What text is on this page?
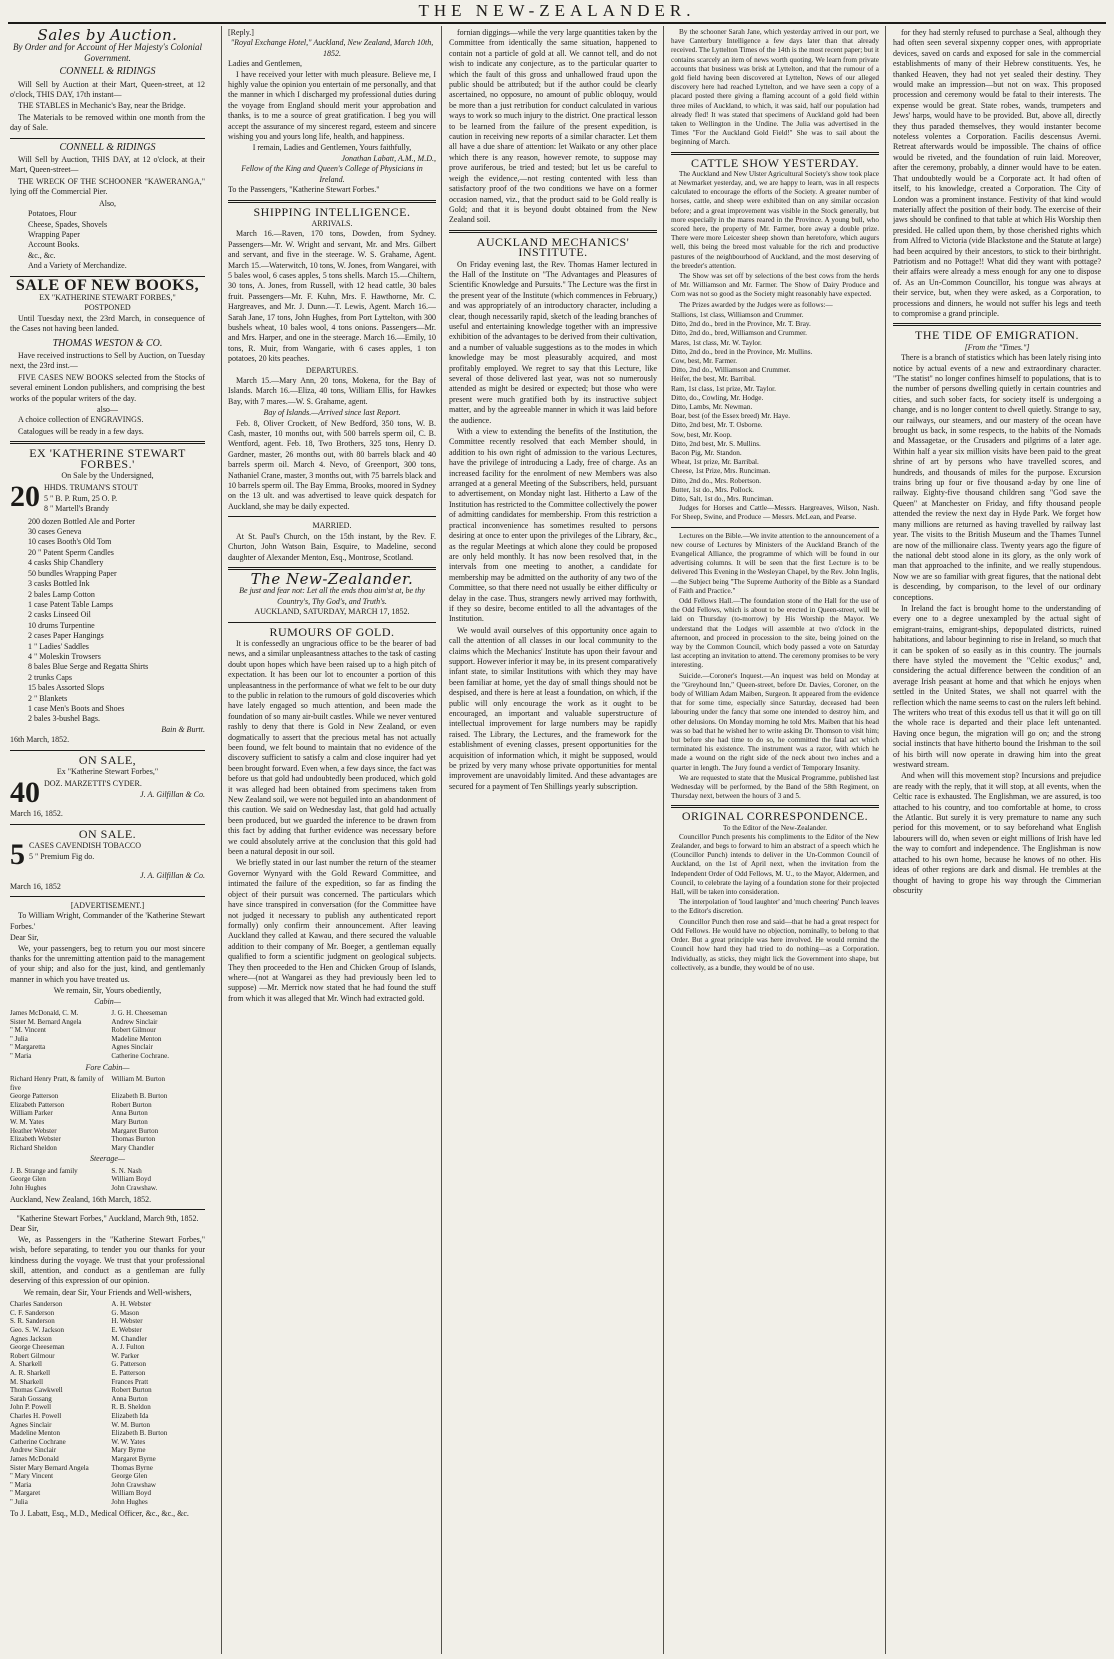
THE NEW-ZEALANDER.
Sales by Auction.
By Order and for Account of Her Majesty's Colonial Government.
CONNELL & RIDINGS

Will Sell by Auction at their Mart, Queen-street, at 12 o'clock, THIS DAY, 17th instant—

THE STABLES in Mechanic's Bay, near the Bridge.

The Materials to be removed within one month from the day of Sale.

CONNELL & RIDINGS

Will Sell by Auction, THIS DAY, at 12 o'clock, at their Mart, Queen-street—

THE WRECK OF THE SCHOONER "KAWERANGA," lying off the Commercial Pier.

Also,
Potatoes, Flour
Cheese, Spades, Shovels
Wrapping Paper
Account Books.
&c., &c.
And a Variety of Merchandize.
SALE OF NEW BOOKS,
EX "KATHERINE STEWART FORBES,"
POSTPONED

Until Tuesday next, the 23rd March, in consequence of the Cases not having been landed.

THOMAS WESTON & CO.

Have received instructions to Sell by Auction, on Tuesday next, the 23rd inst.—

FIVE CASES NEW BOOKS selected from the Stocks of several eminent London publishers, and comprising the best works of the popular writers of the day.

also—

A choice collection of ENGRAVINGS.

Catalogues will be ready in a few days.

EX 'KATHERINE STEWART FORBES.'
On Sale by the Undersigned,
20 HHDS. TRUMAN'S STOUT
5 " B. P. Rum, 25 O. P.
8 " Martell's Brandy
200 dozen Bottled Ale and Porter
30 cases Geneva
10 cases Booth's Old Tom
20 " Patent Sperm Candles
4 casks Ship Chandlery
50 bundles Wrapping Paper
3 casks Bottled Ink
2 bales Lamp Cotton
1 case Patent Table Lamps
2 casks Linseed Oil
10 drums Turpentine
2 cases Paper Hangings
1 " Ladies' Saddles
4 " Moleskin Trowsers
8 bales Blue Serge and Regatta Shirts
2 trunks Caps
15 bales Assorted Slops
2 " Blankets
1 case Men's Boots and Shoes
2 bales 3-bushel Bags.
Bain & Burtt.
16th March, 1852.
ON SALE,
Ex "Katherine Stewart Forbes,"
40 DOZ. MARZETTI'S CYDER.
J. A. Gilfillan & Co.
March 16, 1852.
ON SALE.
5 CASES CAVENDISH TOBACCO
5 " Premium Fig do.
J. A. Gilfillan & Co.
March 16, 1852
[ADVERTISEMENT.]

To William Wright, Commander of the 'Katherine Stewart Forbes.'

Dear Sir,

We, your passengers, beg to return you our most sincere thanks for the unremitting attention paid to the management of your ship; and also for the just, kind, and gentlemanly manner in which you have treated us.

We remain, Sir, Yours obediently,
Cabin—
James McDonald, C. M.	J. G. H. Cheeseman
Sister M. Bernard Angela	Andrew Sinclair
" M. Vincent	Robert Gilmour
" Julia	Madeline Menton
" Margaretta	Agnes Sinclair
" Maria	Catherine Cochrane.
Fore Cabin—
Richard Henry Pratt, & family of five
William M. Burton
George Patterson	Elizabeth B. Burton
Elizabeth Patterson	Robert Burton
William Parker	Anna Burton
W. M. Yates	Mary Burton
Heather Webster	Margaret Burton
Elizabeth Webster	Thomas Burton
Richard Sheldon	Mary Chandler
Steerage—
J. B. Strange and family	S. N. Nash
George Glen	William Boyd
John Hughes	John Crawshaw.
Auckland, New Zealand, 16th March, 1852.
"Katherine Stewart Forbes," Auckland, March 9th, 1852.
Dear Sir,

We, as Passengers in the "Katherine Stewart Forbes," wish, before separating, to tender you our thanks for your kindness during the voyage. We trust that your professional skill, attention, and conduct as a gentleman are fully deserving of this expression of our opinion.

We remain, dear Sir, Your Friends and Well-wishers,
Charles Sanderson	A. H. Webster
C. F. Sanderson	G. Mason
S. R. Sanderson	H. Webster
Geo. S. W. Jackson	E. Webster
Agnes Jackson	M. Chandler
George Cheeseman	A. J. Fulton
Robert Gilmour	W. Parker
A. Sharkell	G. Patterson
A. R. Sharkell	E. Patterson
M. Sharkell	Frances Pratt
Thomas Cawkwell	Robert Burton
Sarah Gossang	Anna Burton
John P. Powell	R. B. Sheldon
Charles H. Powell	Elizabeth Ida
Agnes Sinclair	W. M. Burton
Madeline Menton	Elizabeth B. Burton
Catherine Cochrane	W. W. Yates
Andrew Sinclair	Mary Byrne
James McDonald	Margaret Byrne
Sister Mary Bernard Angela	Thomas Byrne
" Mary Vincent	George Glen
" Maria	John Crawshaw
" Margaret	William Boyd
" Julia	John Hughes
To J. Labatt, Esq., M.D., Medical Officer, &c., &c., &c.
[Reply.]
"Royal Exchange Hotel," Auckland, New Zealand, March 10th, 1852.
Ladies and Gentlemen,

I have received your letter with much pleasure. Believe me, I highly value the opinion you entertain of me personally, and that the manner in which I discharged my professional duties during the voyage from England should merit your approbation and thanks, is to me a source of great gratification. I beg you will accept the assurance of my sincerest regard, esteem and sincere wishing you and yours long life, health, and happiness.

I remain, Ladies and Gentlemen, Yours faithfully,
Jonathan Labatt, A.M., M.D.,
Fellow of the King and Queen's College of Physicians in Ireland.
To the Passengers, "Katherine Stewart Forbes."
SHIPPING INTELLIGENCE.
ARRIVALS.

March 16.—Raven, 170 tons, Dowden, from Sydney. Passengers—Mr. W. Wright and servant, Mr. and Mrs. Gilbert and servant, and five in the steerage. W. S. Grahame, Agent. March 15.—Waterwitch, 10 tons, W. Jones, from Wangarei, with 5 bales wool, 6 cases apples, 5 tons shells. March 15.—Chiltern, 30 tons, A. Jones, from Russell, with 12 head cattle, 30 bales fruit. Passengers—Mr. F. Kuhn, Mrs. F. Hawthorne, Mr. C. Hargreaves, and Mr. J. Dunn.—T. Lewis, Agent. March 16.—Sarah Jane, 17 tons, John Hughes, from Port Lyttelton, with 300 bushels wheat, 10 bales wool, 4 tons onions. Passengers—Mr. and Mrs. Harper, and one in the steerage. March 16.—Emily, 10 tons, R. Muir, from Wangarie, with 6 cases apples, 1 ton potatoes, 20 kits peaches.

DEPARTURES.

March 15.—Mary Ann, 20 tons, Mokena, for the Bay of Islands. March 16.—Eliza, 40 tons, William Ellis, for Hawkes Bay, with 7 mares.—W. S. Grahame, agent.

Bay of Islands.—Arrived since last Report.

Feb. 8, Oliver Crockett, of New Bedford, 350 tons, W. B. Cash, master, 10 months out, with 500 barrels sperm oil, C. B. Wentford, agent. Feb. 18, Two Brothers, 325 tons, Henry D. Gardner, master, 26 months out, with 80 barrels black and 40 barrels sperm oil. March 4. Nevo, of Greenport, 300 tons, Nathaniel Crane, master, 3 months out, with 75 barrels black and 10 barrels sperm oil. The Bay Emma, Brooks, moored in Sydney on the 13 ult. and was advertised to leave quick despatch for Auckland, she may be daily expected.

MARRIED.

At St. Paul's Church, on the 15th instant, by the Rev. F. Churton, John Watson Bain, Esquire, to Madeline, second daughter of Alexander Menton, Esq., Montrose, Scotland.

The New-Zealander.
Be just and fear not: Let all the ends thou aim'st at, be thy Country's, Thy God's, and Truth's.
AUCKLAND, SATURDAY, MARCH 17, 1852.
RUMOURS OF GOLD.

It is confessedly an ungracious office to be the bearer of bad news, and a similar unpleasantness attaches to the task of casting doubt upon hopes which have been raised up to a high pitch of expectation. It has been our lot to encounter a portion of this unpleasantness in the performance of what we felt to be our duty to the public in relation to the rumours of gold discoveries which have lately engaged so much attention, and been made the foundation of so many air-built castles. While we never ventured rashly to deny that there is Gold in New Zealand, or even dogmatically to assert that the precious metal has not actually been found, we felt bound to maintain that no evidence of the discovery sufficient to satisfy a calm and close inquirer had yet been brought forward. Even when, a few days since, the fact was before us that gold had undoubtedly been produced, which gold it was alleged had been obtained from specimens taken from New Zealand soil, we were not beguiled into an abandonment of this caution. We said on Wednesday last, that gold had actually been produced, but we guarded the inference to be drawn from this fact by adding that further evidence was necessary before we could absolutely arrive at the conclusion that this gold had been a natural deposit in our soil.

We briefly stated in our last number the return of the steamer Governor Wynyard with the Gold Reward Committee, and intimated the failure of the expedition, so far as finding the object of their pursuit was concerned. The particulars which have since transpired in conversation (for the Committee have not judged it necessary to publish any authenticated report formally) only confirm their announcement. After leaving Auckland they called at Kawau, and there secured the valuable addition to their company of Mr. Boeger, a gentleman equally qualified to form a scientific judgment on geological subjects. They then proceeded to the Hen and Chicken Group of Islands, where—(not at Wangarei as they had previously been led to suppose) —Mr. Merrick now stated that he had found the stuff from which it was alleged that Mr. Winch had extracted gold.

fornian diggings—while the very large quantities taken by the Committee from identically the same situation, happened to contain not a particle of gold at all. We cannot tell, and do not wish to indicate any conjecture, as to the particular quarter to which the fault of this gross and unhallowed fraud upon the public should be attributed; but if the author could be clearly ascertained, no opposure, no amount of public obloquy, would be more than a just retribution for conduct calculated in various ways to work so much injury to the district. One practical lesson to be learned from the failure of the present expedition, is caution in receiving new reports of a similar character. Let them all have a due share of attention: let Waikato or any other place which there is any reason, however remote, to suppose may prove auriferous, be tried and tested; but let us be careful to weigh the evidence,—not resting contented with less than satisfactory proof of the two conditions we have on a former occasion named, viz., that the product said to be Gold really is Gold; and that it is beyond doubt obtained from the New Zealand soil.

AUCKLAND MECHANICS' INSTITUTE.

On Friday evening last, the Rev. Thomas Hamer lectured in the Hall of the Institute on "The Advantages and Pleasures of Scientific Knowledge and Pursuits." The Lecture was the first in the present year of the Institute (which commences in February,) and was appropriately of an introductory character, including a clear, though necessarily rapid, sketch of the leading branches of useful and entertaining knowledge together with an impressive exhibition of the advantages to be derived from their cultivation, and a number of valuable suggestions as to the modes in which knowledge may be most pleasurably acquired, and most profitably employed. We regret to say that this Lecture, like several of those delivered last year, was not so numerously attended as might be desired or expected; but those who were present were much gratified both by its instructive subject matter, and by the agreeable manner in which it was laid before the audience.

With a view to extending the benefits of the Institution, the Committee recently resolved that each Member should, in addition to his own right of admission to the various Lectures, have the privilege of introducing a Lady, free of charge. As an increased facility for the enrolment of new Members was also arranged at a general Meeting of the Subscribers, held, pursuant to advertisement, on Monday night last. Hitherto a Law of the Institution has restricted to the Committee collectively the power of admitting candidates for membership. From this restriction a practical inconvenience has sometimes resulted to persons desiring at once to enter upon the privileges of the Library, &c., as the regular Meetings at which alone they could be proposed are only held monthly. It has now been resolved that, in the intervals from one meeting to another, a candidate for membership may be admitted on the authority of any two of the Committee, so that there need not usually be either difficulty or delay in the case. Thus, strangers newly arrived may forthwith, if they so desire, become entitled to all the advantages of the Institution.

We would avail ourselves of this opportunity once again to call the attention of all classes in our local community to the claims which the Mechanics' Institute has upon their favour and support. However inferior it may be, in its present comparatively infant state, to similar Institutions with which they may have been familiar at home, yet the day of small things should not be despised, and there is here at least a foundation, on which, if the public will only encourage the work as it ought to be encouraged, an important and valuable superstructure of intellectual improvement for large numbers may be rapidly raised. The Library, the Lectures, and the framework for the establishment of evening classes, present opportunities for the acquisition of information which, it might be supposed, would be prized by very many whose private opportunities for mental improvement are unavoidably limited. And these advantages are secured for a payment of Ten Shillings yearly subscription.

By the schooner Sarah Jane, which yesterday arrived in our port, we have Canterbury Intelligence a few days later than that already received. The Lyttelton Times of the 14th is the most recent paper; but it contains scarcely an item of news worth quoting. We learn from private accounts that business was brisk at Lyttelton, and that the rumour of a gold field having been discovered at Lyttelton, News of our alleged discovery here had reached Lyttelton, and we have seen a copy of a placard posted there giving a flaming account of a gold field within three miles of Auckland, to which, it was said, half our population had already fled! It was stated that specimens of Auckland gold had been taken to Wellington in the Undine. The Julia was advertised in the Times "For the Auckland Gold Field!" She was to sail about the beginning of March.

CATTLE SHOW YESTERDAY.

The Auckland and New Ulster Agricultural Society's show took place at Newmarket yesterday, and, we are happy to learn, was in all respects calculated to encourage the efforts of the Society. A greater number of horses, cattle, and sheep were exhibited than on any similar occasion before; and a great improvement was visible in the Stock generally, but more especially in the mares reared in the Province. A young bull, who scored here, the property of Mr. Farmer, bore away a double prize. There were more Leicester sheep shown than heretofore, which augurs well, this being the breed most valuable for the rich and productive pastures of the neighbourhood of Auckland, and the most deserving of the breeder's attention.

The Show was set off by selections of the best cows from the herds of Mr. Williamson and Mr. Farmer. The Show of Dairy Produce and Corn was not so good as the Society might reasonably have expected.

The Prizes awarded by the Judges were as follows:—

Stallions, 1st class, Williamson and Crummer.
Ditto, 2nd do., bred in the Province, Mr. T. Bray.
Ditto, 2nd do., bred, Williamson and Crummer.
Mares, 1st class, Mr. W. Taylor.
Ditto, 2nd do., bred in the Province, Mr. Mullins.
Cow, best, Mr. Farmer.
Ditto, 2nd do., Williamson and Crummer.
Heifer, the best, Mr. Barribal.
Ram, 1st class, 1st prize, Mr. Taylor.
Ditto, do., Cowling, Mr. Hodge.
Ditto, Lambs, Mr. Newman.
Boar, best (of the Essex breed) Mr. Haye.
Ditto, 2nd best, Mr. T. Osborne.
Sow, best, Mr. Koop.
Ditto, 2nd best, Mr. S. Mullins.
Bacon Pig, Mr. Standon.
Wheat, 1st prize, Mr. Barribal.
Cheese, 1st Prize, Mrs. Runciman.
Ditto, 2nd do., Mrs. Robertson.
Butter, 1st do., Mrs. Pollock.
Ditto, Salt, 1st do., Mrs. Runciman.

Judges for Horses and Cattle—Messrs. Hargreaves, Wilson, Nash. For Sheep, Swine, and Produce — Messrs. McLean, and Pearse.

Lectures on the Bible.—We invite attention to the announcement of a new course of Lectures by Ministers of the Auckland Branch of the Evangelical Alliance, the programme of which will be found in our advertising columns. It will be seen that the first Lecture is to be delivered This Evening in the Wesleyan Chapel, by the Rev. John Inglis,—the Subject being "The Supreme Authority of the Bible as a Standard of Faith and Practice."

Odd Fellows Hall.—The foundation stone of the Hall for the use of the Odd Fellows, which is about to be erected in Queen-street, will be laid on Thursday (to-morrow) by His Worship the Mayor. We understand that the Lodges will assemble at two o'clock in the afternoon, and proceed in procession to the site, being joined on the way by the Common Council, which body passed a vote on Saturday last accepting an invitation to attend. The ceremony promises to be very interesting.

Suicide.—Coroner's Inquest.—An inquest was held on Monday at the "Greyhound Inn," Queen-street, before Dr. Davies, Coroner, on the body of William Adam Maiben, Surgeon. It appeared from the evidence that for some time, especially since Saturday, deceased had been labouring under the fancy that some one intended to destroy him, and other delusions. On Monday morning he told Mrs. Maiben that his head was so bad that he wished her to write asking Dr. Thomson to visit him; but before she had time to do so, he committed the fatal act which terminated his existence. The instrument was a razor, with which he made a wound on the right side of the neck about two inches and a quarter in length. The Jury found a verdict of Temporary Insanity.

We are requested to state that the Musical Programme, published last Wednesday will be performed, by the Band of the 58th Regiment, on Thursday next, between the hours of 3 and 5.

ORIGINAL CORRESPONDENCE.
To the Editor of the New-Zealander.

Councillor Punch presents his compliments to the Editor of the New Zealander, and begs to forward to him an abstract of a speech which he (Councillor Punch) intends to deliver in the Un-Common Council of Auckland, on the 1st of April next, when the invitation from the Independent Order of Odd Fellows, M. U., to the Mayor, Aldermen, and Council, to celebrate the laying of a foundation stone for their projected Hall, will be taken into consideration.

The interpolation of 'loud laughter' and 'much cheering' Punch leaves to the Editor's discretion.

Councillor Punch then rose and said—that he had a great respect for Odd Fellows. He would have no objection, nominally, to belong to that Order. But a great principle was here involved. He would remind the Council how hard they had tried to do nothing—as a Corporation. Individually, as sticks, they might lick the Government into shape, but collectively, as a bundle, they would be of no use.

for they had sternly refused to purchase a Seal, although they had often seen several sixpenny copper ones, with appropriate devices, saved on cards and exposed for sale in the commercial establishments of many of their Hebrew constituents. Yes, he thanked Heaven, they had not yet sealed their destiny. They would make an impression—but not on wax. This proposed procession and ceremony would be fatal to their interests. The expense would be great. State robes, wands, trumpeters and Jews' harps, would have to be provided. But, above all, directly they thus paraded themselves, they would instanter become noteless volentes a Corporation. Facilis descensus Averni. Retreat afterwards would be impossible. The chains of office would be riveted, and the foundation of ruin laid. Moreover, after the ceremony, probably, a dinner would have to be eaten. That undoubtedly would be a Corporate act. It had often of itself, to his knowledge, created a Corporation. The City of London was a prominent instance. Festivity of that kind would materially affect the position of their body. The exercise of their jaws should be confined to that table at which His Worship then presided. He called upon them, by those cherished rights which from Alfred to Victoria (vide Blackstone and the Statute at large) had been acquired by their ancestors, to stick to their birthright. Patriotism and no Pottage!! What did they want with pottage? their affairs were already a mess enough for any one to dispose of. As an Un-Common Councillor, his tongue was always at their service, but, when they were asked, as a Corporation, to processions and dinners, he would not suffer his legs and teeth to compromise a grand principle.

THE TIDE OF EMIGRATION.
[From the "Times."]

There is a branch of statistics which has been lately rising into notice by actual events of a new and extraordinary character. "The statist" no longer confines himself to populations, that is to the number of persons dwelling quietly in certain countries and cities, and such sober facts, for society itself is undergoing a change, and is no longer content to dwell quietly. Strange to say, our railways, our steamers, and our mastery of the ocean have brought us back, in some respects, to the habits of the Nomads and Massagetae, or the Crusaders and pilgrims of a later age. Within half a year six million visits have been paid to the great shrine of art by persons who have travelled scores, and hundreds, and thousands of miles for the purpose. Excursion trains bring up four or five thousand a-day by one line of railway. Eighty-five thousand children sang "God save the Queen" at Manchester on Friday, and fifty thousand people attended the review the next day in Hyde Park. We forget how many millions are returned as having travelled by railway last year. The visits to the British Museum and the Thames Tunnel are now of the millionaire class. Twenty years ago the figure of the national debt stood alone in its glory, as the only work of man that approached to the infinite, and we really stupendous. Now we are so familiar with great figures, that the national debt is descending, by comparison, to the level of our ordinary conceptions.

In Ireland the fact is brought home to the understanding of every one to a degree unexampled by the actual sight of emigrant-trains, emigrant-ships, depopulated districts, ruined habitations, and labour beginning to rise in Ireland, so much that it can be spoken of so easily as in this country. The journals there have styled the movement the "Celtic exodus;" and, considering the actual difference between the condition of an average Irish peasant at home and that which he enjoys when settled in the United States, we shall not quarrel with the reflection which the name seems to cast on the rulers left behind. The writers who treat of this exodus tell us that it will go on till the whole race is departed and their place left untenanted. Having once begun, the migration will go on; and the strong social instincts that have hitherto bound the Irishman to the soil of his birth will now operate in drawing him into the great westward stream.

And when will this movement stop? Incursions and prejudice are ready with the reply, that it will stop, at all events, when the Celtic race is exhausted. The Englishman, we are assured, is too attached to his country, and too comfortable at home, to cross the Atlantic. But surely it is very premature to name any such period for this movement, or to say beforehand what English labourers will do, when seven or eight millions of Irish have led the way to comfort and independence. The Englishman is now attached to his own home, because he knows of no other. His ideas of other regions are dark and dismal. He trembles at the thought of having to grope his way through the Cimmerian obscurity
